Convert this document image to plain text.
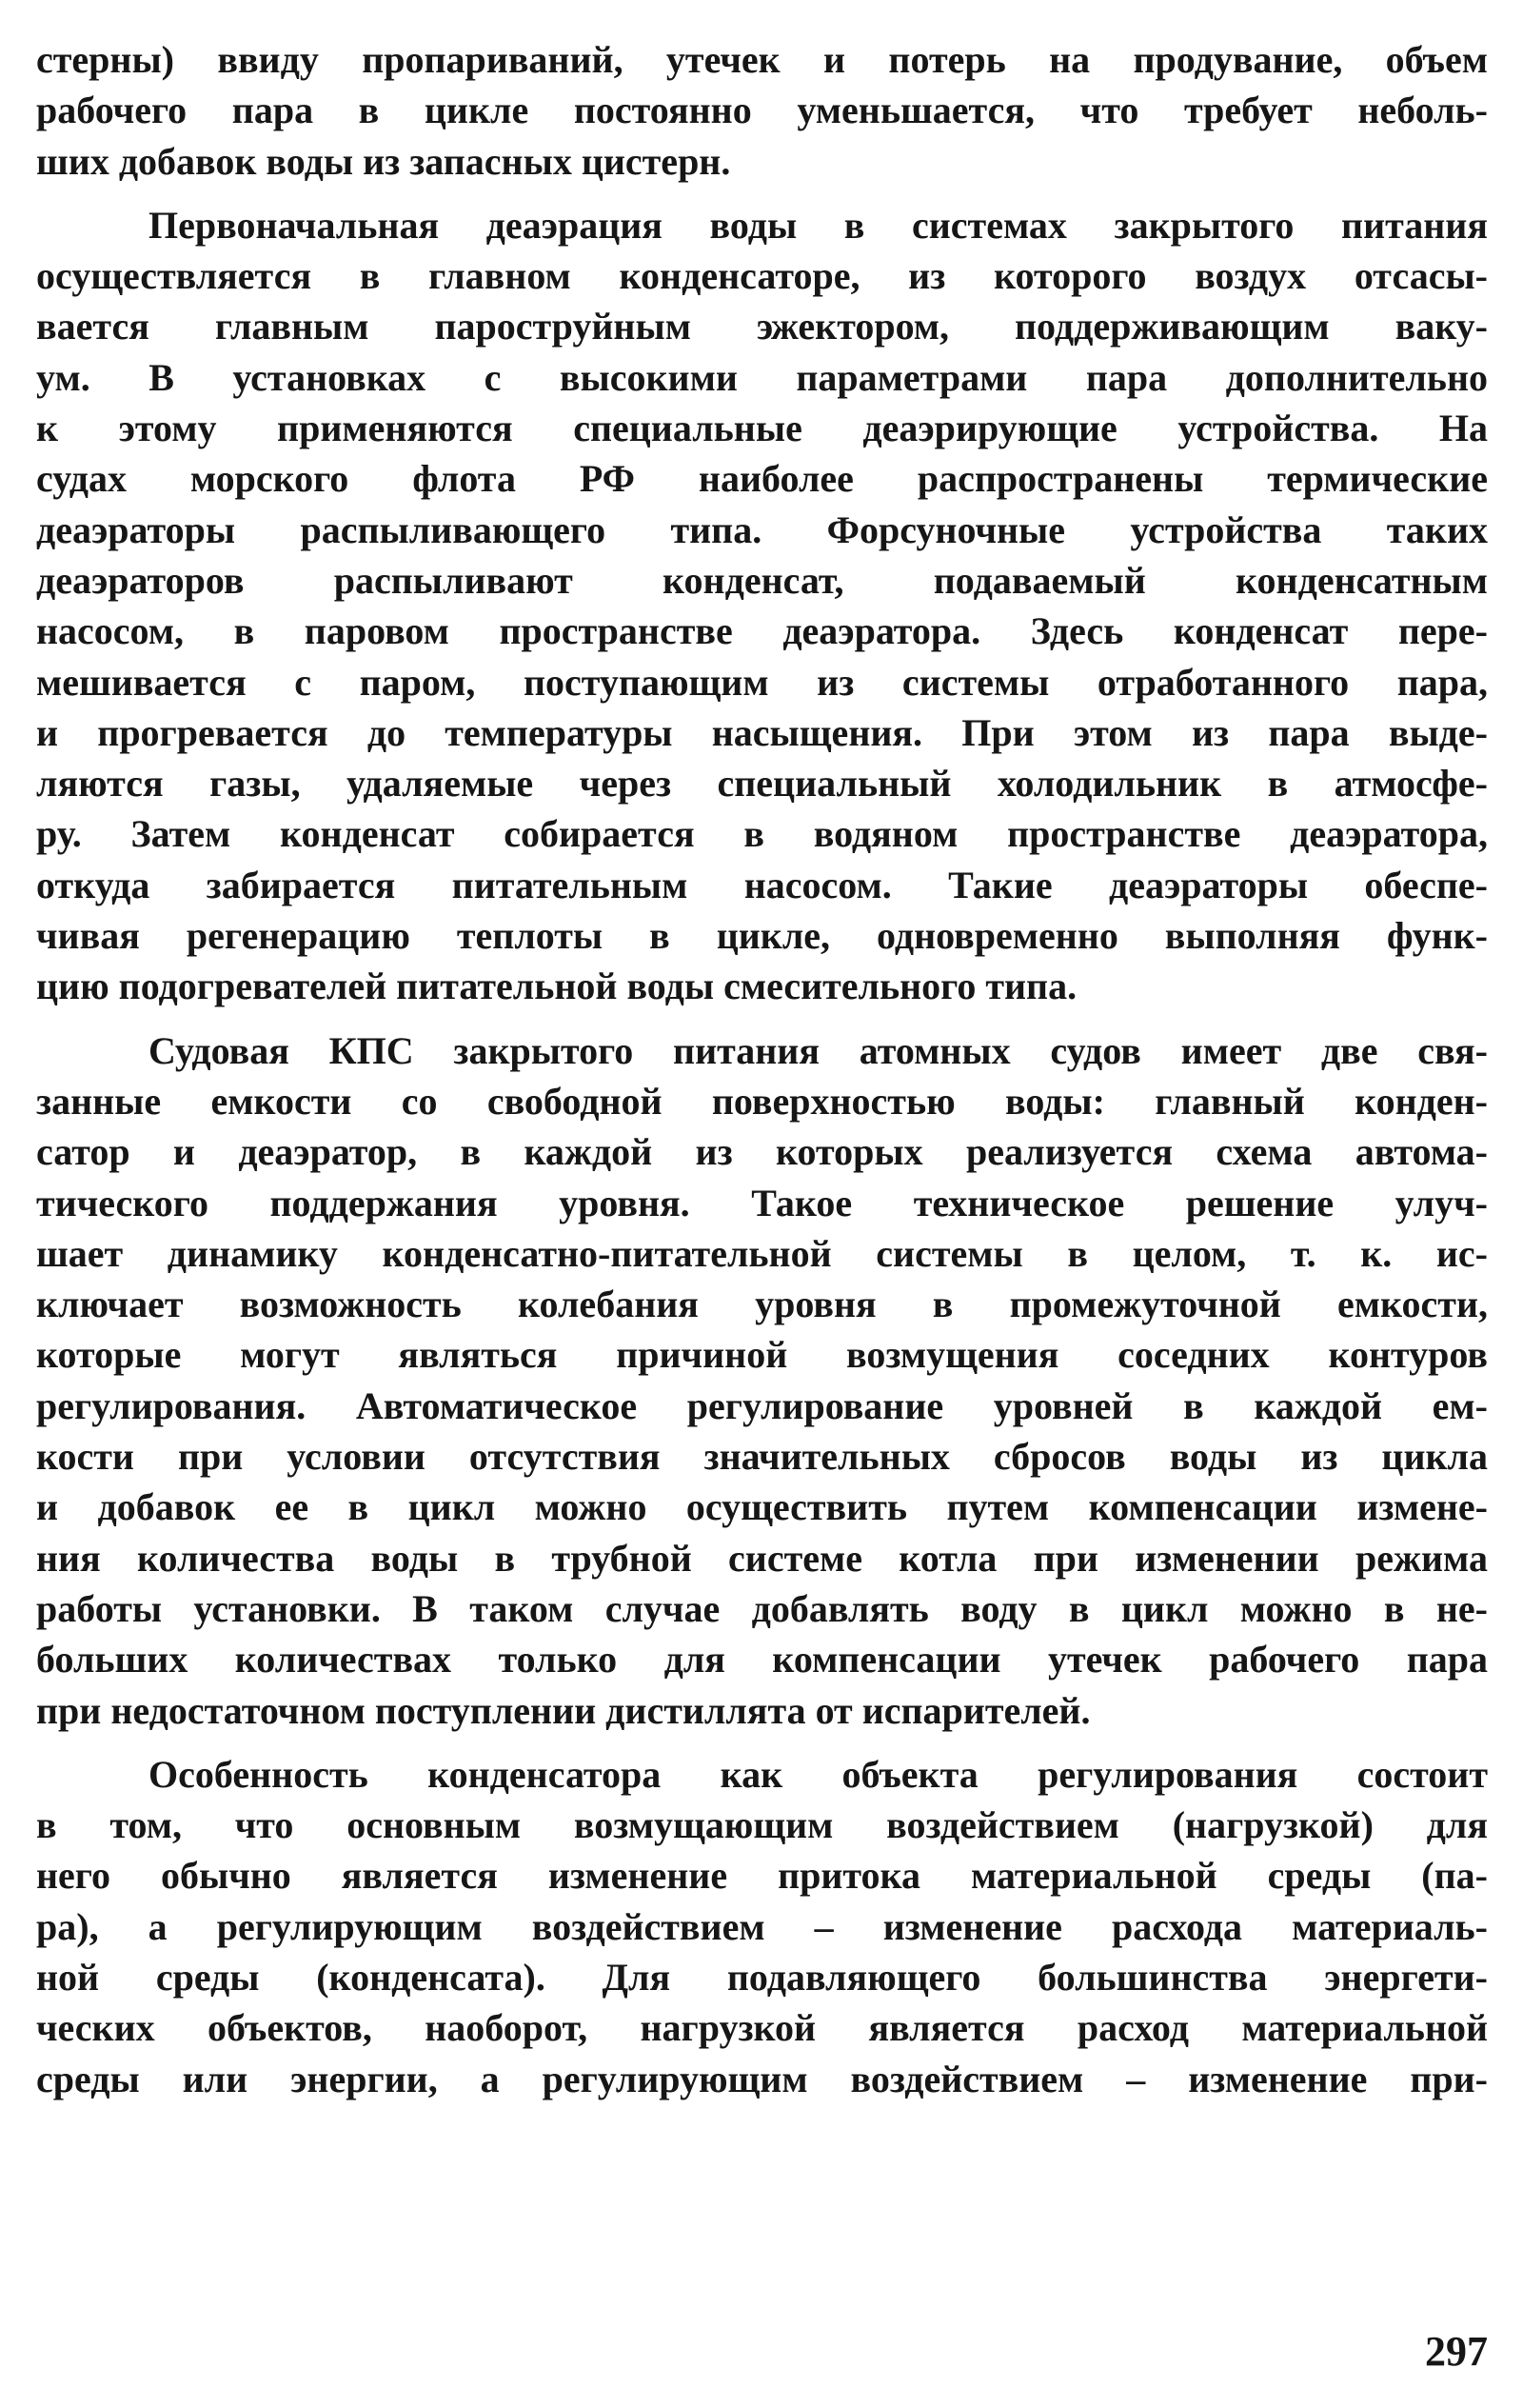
стерны) ввиду пропариваний, утечек и потерь на продувание, объем
рабочего пара в цикле постоянно уменьшается, что требует неболь-
ших добавок воды из запасных цистерн.
Первоначальная деаэрация воды в системах закрытого питания
осуществляется в главном конденсаторе, из которого воздух отсасы-
вается главным пароструйным эжектором, поддерживающим ваку-
ум. В установках с высокими параметрами пара дополнительно
к этому применяются специальные деаэрирующие устройства. На
судах морского флота РФ наиболее распространены термические
деаэраторы распыливающего типа. Форсуночные устройства таких
деаэраторов распыливают конденсат, подаваемый конденсатным
насосом, в паровом пространстве деаэратора. Здесь конденсат пере-
мешивается с паром, поступающим из системы отработанного пара,
и прогревается до температуры насыщения. При этом из пара выде-
ляются газы, удаляемые через специальный холодильник в атмосфе-
ру. Затем конденсат собирается в водяном пространстве деаэратора,
откуда забирается питательным насосом. Такие деаэраторы обеспе-
чивая регенерацию теплоты в цикле, одновременно выполняя функ-
цию подогревателей питательной воды смесительного типа.
Судовая КПС закрытого питания атомных судов имеет две свя-
занные емкости со свободной поверхностью воды: главный конден-
сатор и деаэратор, в каждой из которых реализуется схема автома-
тического поддержания уровня. Такое техническое решение улуч-
шает динамику конденсатно-питательной системы в целом, т. к. ис-
ключает возможность колебания уровня в промежуточной емкости,
которые могут являться причиной возмущения соседних контуров
регулирования. Автоматическое регулирование уровней в каждой ем-
кости при условии отсутствия значительных сбросов воды из цикла
и добавок ее в цикл можно осуществить путем компенсации измене-
ния количества воды в трубной системе котла при изменении режима
работы установки. В таком случае добавлять воду в цикл можно в не-
больших количествах только для компенсации утечек рабочего пара
при недостаточном поступлении дистиллята от испарителей.
Особенность конденсатора как объекта регулирования состоит
в том, что основным возмущающим воздействием (нагрузкой) для
него обычно является изменение притока материальной среды (па-
ра), а регулирующим воздействием – изменение расхода материаль-
ной среды (конденсата). Для подавляющего большинства энергети-
ческих объектов, наоборот, нагрузкой является расход материальной
среды или энергии, а регулирующим воздействием – изменение при-
297
